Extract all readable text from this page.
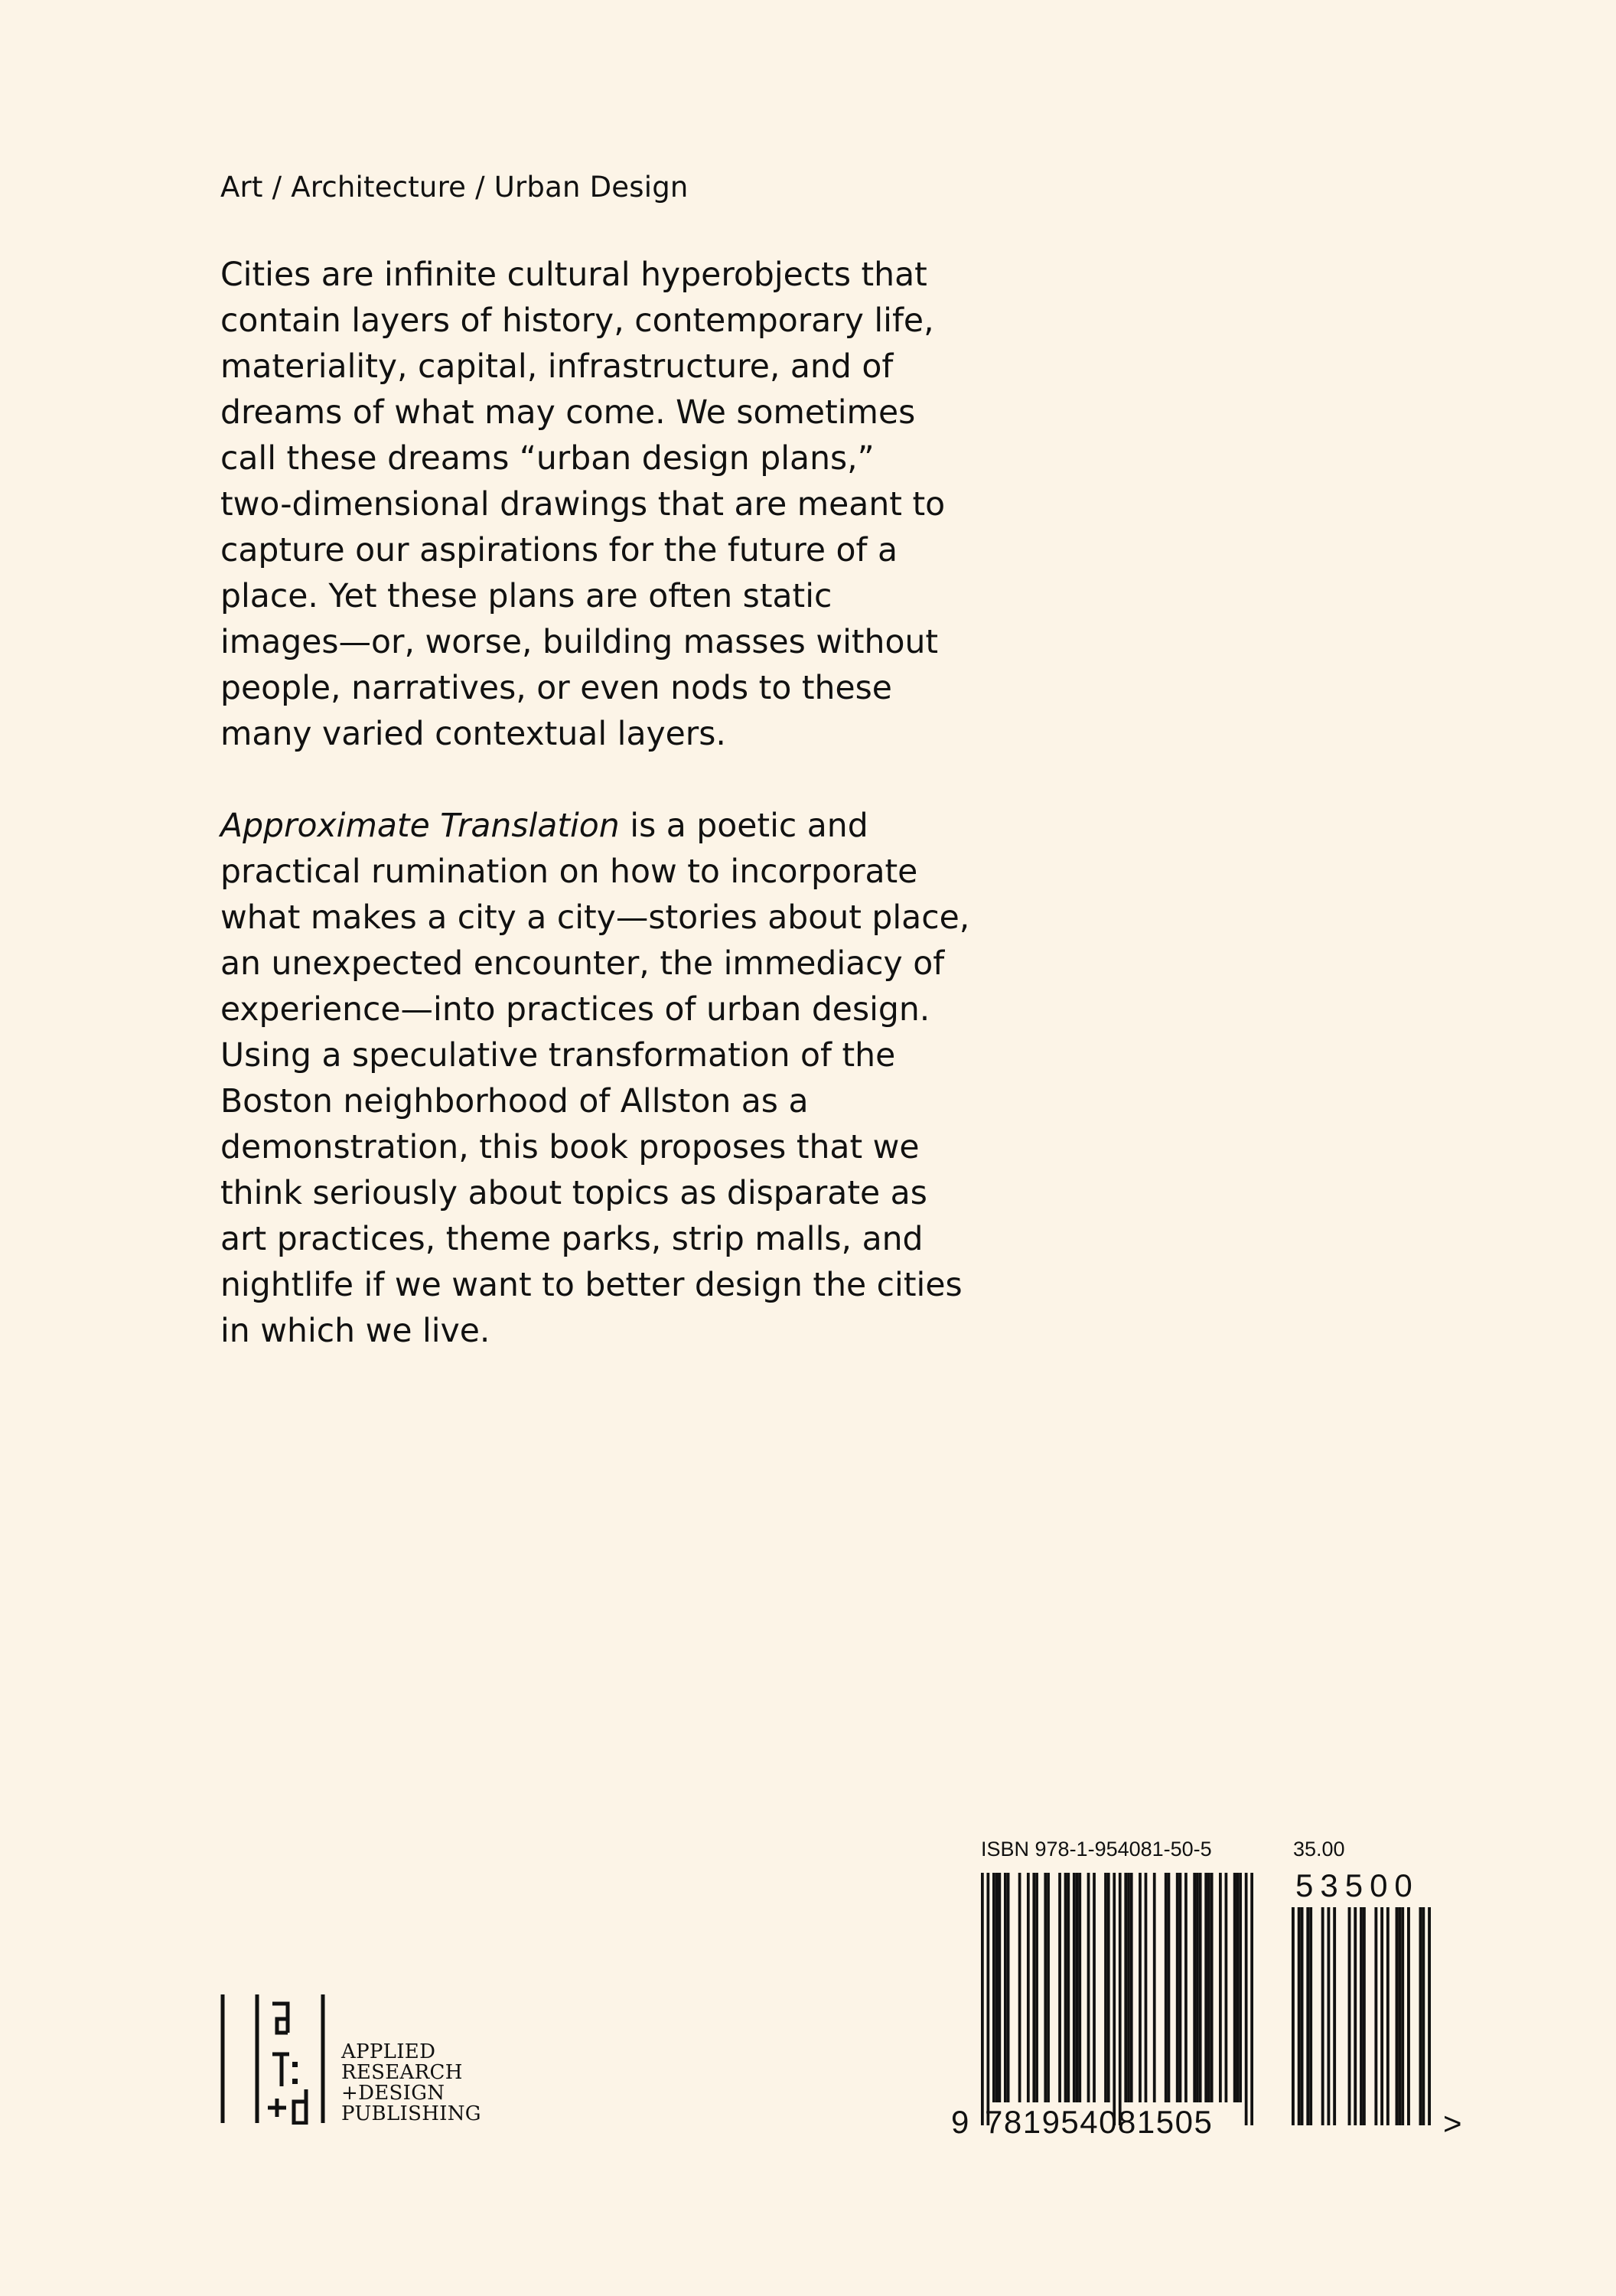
Art / Architecture / Urban Design
Cities are infinite cultural hyperobjects that
contain layers of history, contemporary life,
materiality, capital, infrastructure, and of
dreams of what may come. We sometimes
call these dreams “urban design plans,”
two-dimensional drawings that are meant to
capture our aspirations for the future of a
place. Yet these plans are often static
images—or, worse, building masses without
people, narratives, or even nods to these
many varied contextual layers.
Approximate Translation is a poetic and
practical rumination on how to incorporate
what makes a city a city—stories about place,
an unexpected encounter, the immediacy of
experience—into practices of urban design.
Using a speculative transformation of the
Boston neighborhood of Allston as a
demonstration, this book proposes that we
think seriously about topics as disparate as
art practices, theme parks, strip malls, and
nightlife if we want to better design the cities
in which we live.
APPLIED
RESEARCH
+DESIGN
PUBLISHING
ISBN 978-1-954081-50-5	35.00
53500
9 781954081505	>
